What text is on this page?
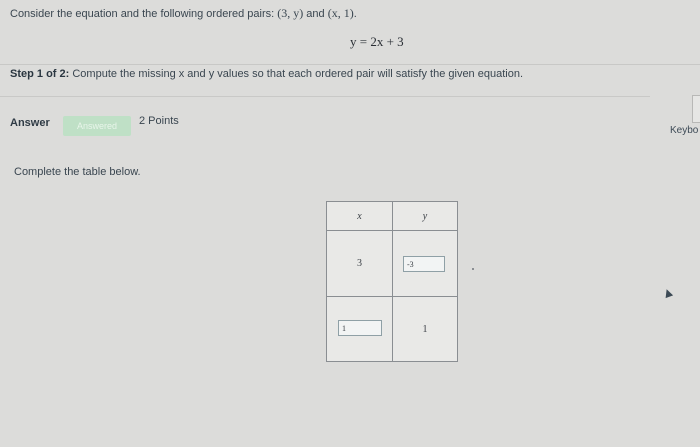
Consider the equation and the following ordered pairs: (3, y) and (x, 1).
y = 2x + 3
Step 1 of 2: Compute the missing x and y values so that each ordered pair will satisfy the given equation.
Answer	Answered	2 Points
Keybo
Complete the table below.
x	y
3	-3
1	1
